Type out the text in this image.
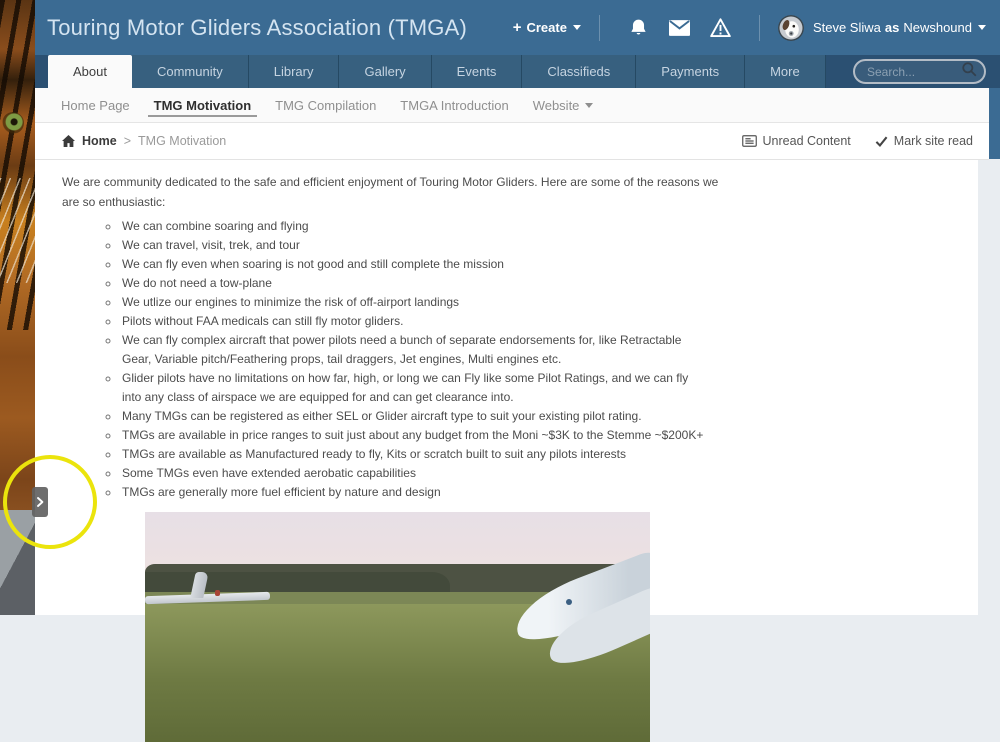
Touring Motor Gliders Association (TMGA)	+ Create	Steve Sliwa as Newshound
About	Community	Library	Gallery	Events	Classifieds	Payments	More
Search...
Home Page	TMG Motivation	TMG Compilation	TMGA Introduction	Website
Home > TMG Motivation	Unread Content	Mark site read

We are community dedicated to the safe and efficient enjoyment of Touring Motor Gliders. Here are some of the reasons we are so enthusiastic:

◦ We can combine soaring and flying
◦ We can travel, visit, trek, and tour
◦ We can fly even when soaring is not good and still complete the mission
◦ We do not need a tow-plane
◦ We utlize our engines to minimize the risk of off-airport landings
◦ Pilots without FAA medicals can still fly motor gliders.
◦ We can fly complex aircraft that power pilots need a bunch of separate endorsements for, like Retractable Gear, Variable pitch/Feathering props, tail draggers, Jet engines, Multi engines etc.
◦ Glider pilots have no limitations on how far, high, or long we can Fly like some Pilot Ratings, and we can fly into any class of airspace we are equipped for and can get clearance into.
◦ Many TMGs can be registered as either SEL or Glider aircraft type to suit your existing pilot rating.
◦ TMGs are available in price ranges to suit just about any budget from the Moni ~$3K to the Stemme ~$200K+
◦ TMGs are available as Manufactured ready to fly, Kits or scratch built to suit any pilots interests
◦ Some TMGs even have extended aerobatic capabilities
◦ TMGs are generally more fuel efficient by nature and design
